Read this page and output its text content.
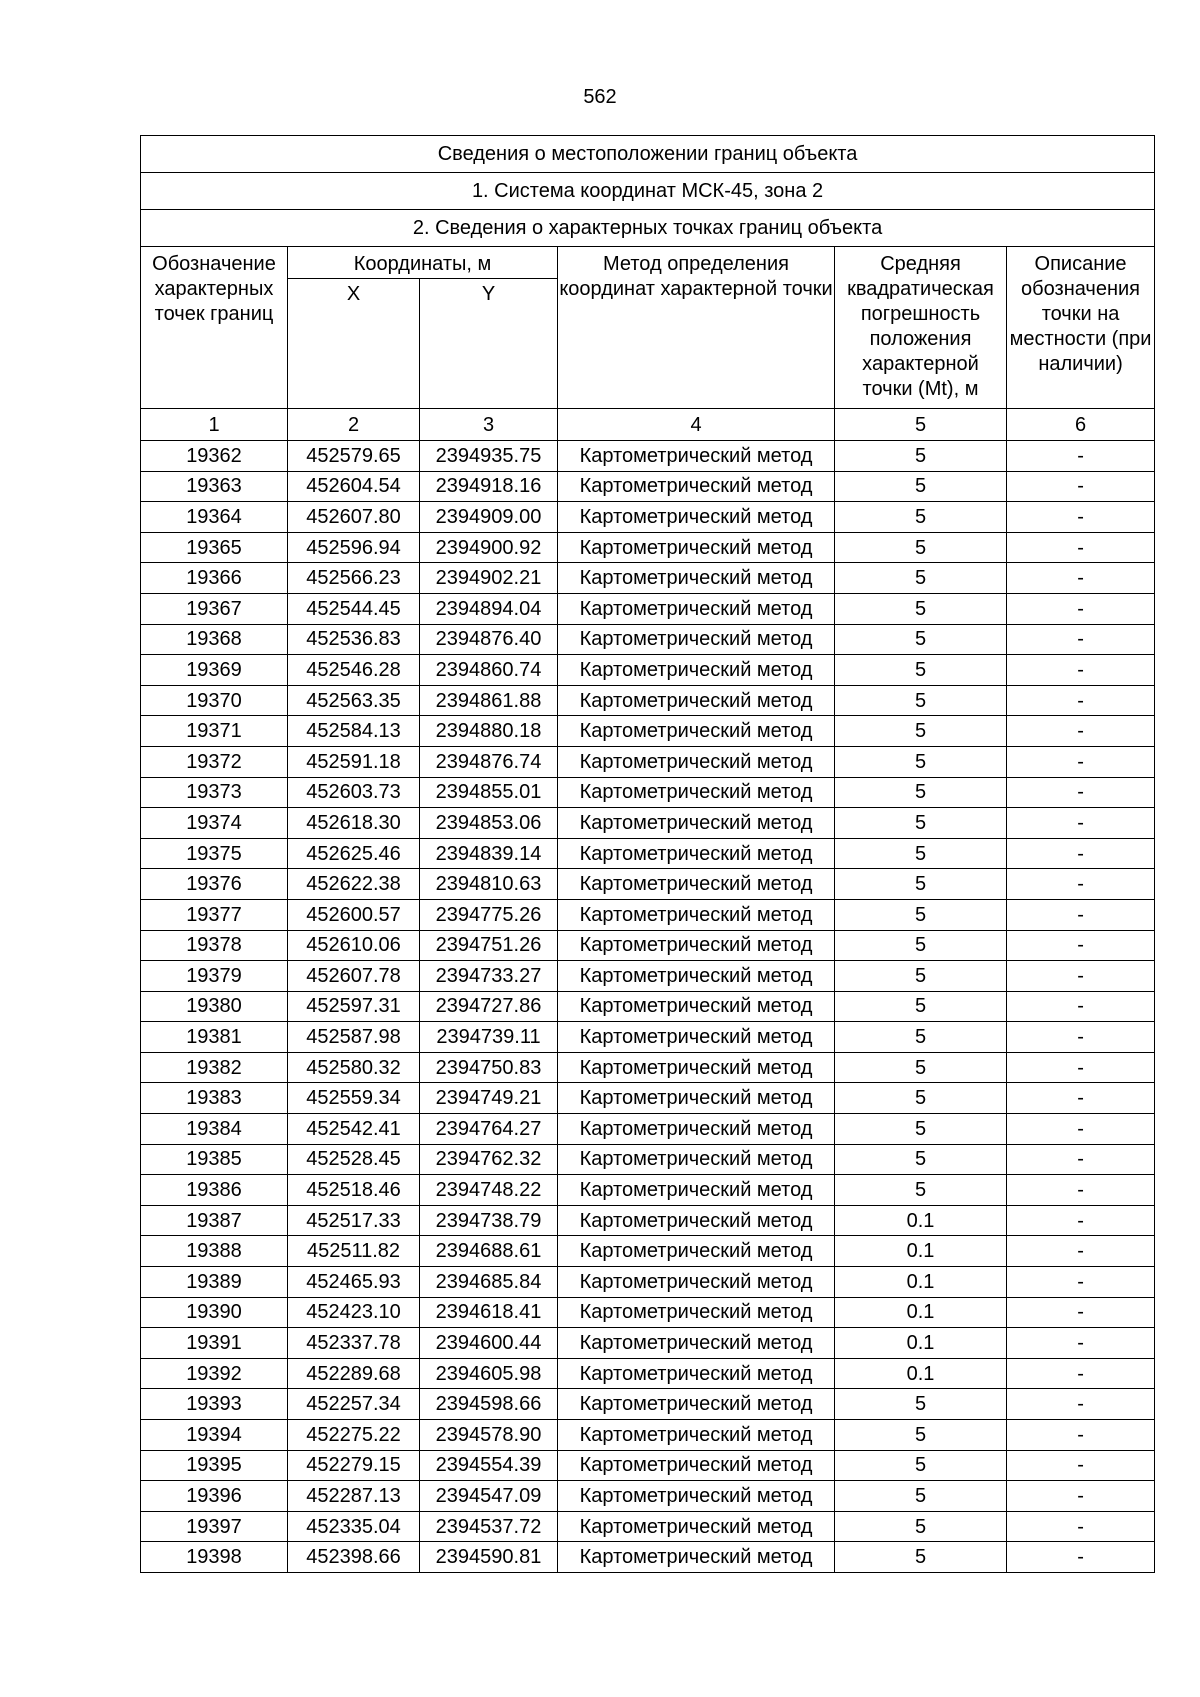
562
Сведения о местоположении границ объекта					
1. Система координат МСК-45, зона 2					
2. Сведения о характерных точках границ объекта					
Обозначение характерных точек границ	Координаты, м		Метод определения координат характерной точки	Средняя квадратическая погрешность положения характерной точки (Mt), м	Описание обозначения точки на местности (при наличии)
	X	Y			
1	2	3	4	5	6
19362	452579.65	2394935.75	Картометрический метод	5	-
19363	452604.54	2394918.16	Картометрический метод	5	-
19364	452607.80	2394909.00	Картометрический метод	5	-
19365	452596.94	2394900.92	Картометрический метод	5	-
19366	452566.23	2394902.21	Картометрический метод	5	-
19367	452544.45	2394894.04	Картометрический метод	5	-
19368	452536.83	2394876.40	Картометрический метод	5	-
19369	452546.28	2394860.74	Картометрический метод	5	-
19370	452563.35	2394861.88	Картометрический метод	5	-
19371	452584.13	2394880.18	Картометрический метод	5	-
19372	452591.18	2394876.74	Картометрический метод	5	-
19373	452603.73	2394855.01	Картометрический метод	5	-
19374	452618.30	2394853.06	Картометрический метод	5	-
19375	452625.46	2394839.14	Картометрический метод	5	-
19376	452622.38	2394810.63	Картометрический метод	5	-
19377	452600.57	2394775.26	Картометрический метод	5	-
19378	452610.06	2394751.26	Картометрический метод	5	-
19379	452607.78	2394733.27	Картометрический метод	5	-
19380	452597.31	2394727.86	Картометрический метод	5	-
19381	452587.98	2394739.11	Картометрический метод	5	-
19382	452580.32	2394750.83	Картометрический метод	5	-
19383	452559.34	2394749.21	Картометрический метод	5	-
19384	452542.41	2394764.27	Картометрический метод	5	-
19385	452528.45	2394762.32	Картометрический метод	5	-
19386	452518.46	2394748.22	Картометрический метод	5	-
19387	452517.33	2394738.79	Картометрический метод	0.1	-
19388	452511.82	2394688.61	Картометрический метод	0.1	-
19389	452465.93	2394685.84	Картометрический метод	0.1	-
19390	452423.10	2394618.41	Картометрический метод	0.1	-
19391	452337.78	2394600.44	Картометрический метод	0.1	-
19392	452289.68	2394605.98	Картометрический метод	0.1	-
19393	452257.34	2394598.66	Картометрический метод	5	-
19394	452275.22	2394578.90	Картометрический метод	5	-
19395	452279.15	2394554.39	Картометрический метод	5	-
19396	452287.13	2394547.09	Картометрический метод	5	-
19397	452335.04	2394537.72	Картометрический метод	5	-
19398	452398.66	2394590.81	Картометрический метод	5	-
